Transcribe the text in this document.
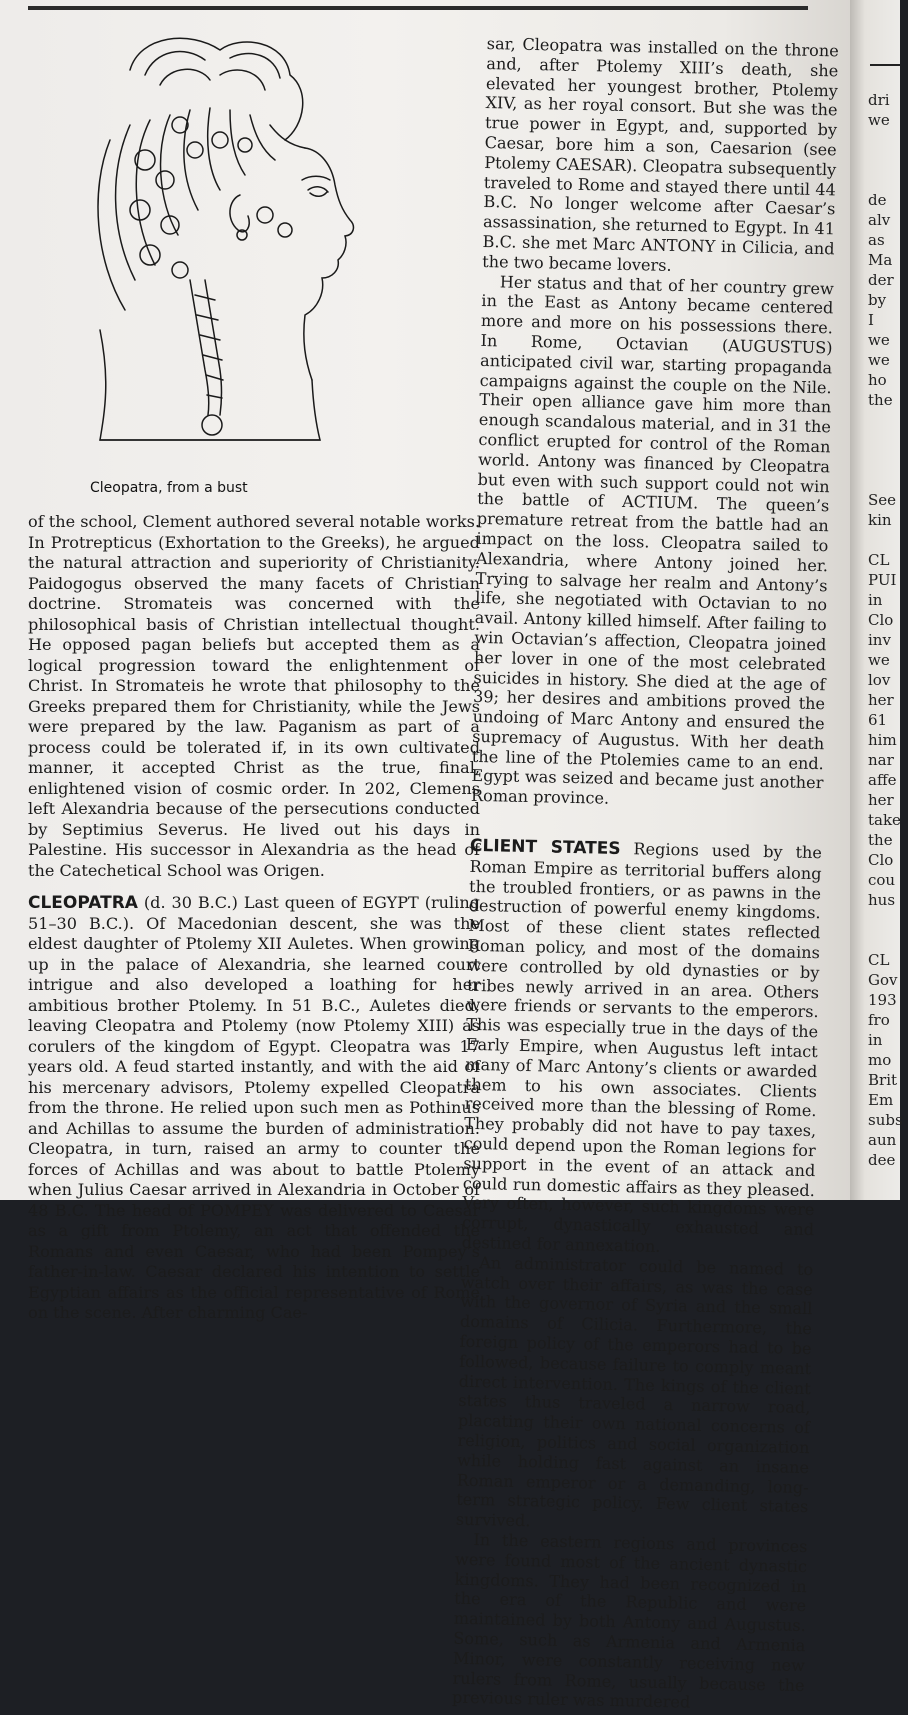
Cleopatra, from a bust

of the school, Clement authored several notable works. In Protrepticus (Exhortation to the Greeks), he argued the natural attraction and superiority of Christianity. Paidogogus observed the many facets of Christian doctrine. Stromateis was concerned with the philosophical basis of Christian intellectual thought. He opposed pagan beliefs but accepted them as a logical progression toward the enlightenment of Christ. In Stromateis he wrote that philosophy to the Greeks prepared them for Christianity, while the Jews were prepared by the law. Paganism as part of a process could be tolerated if, in its own cultivated manner, it accepted Christ as the true, final, enlightened vision of cosmic order. In 202, Clemens left Alexandria because of the persecutions conducted by Septimius Severus. He lived out his days in Palestine. His successor in Alexandria as the head of the Catechetical School was Origen.

CLEOPATRA (d. 30 B.C.) Last queen of EGYPT (ruling 51–30 B.C.). Of Macedonian descent, she was the eldest daughter of Ptolemy XII Auletes. When growing up in the palace of Alexandria, she learned court intrigue and also developed a loathing for her ambitious brother Ptolemy. In 51 B.C., Auletes died, leaving Cleopatra and Ptolemy (now Ptolemy XIII) as corulers of the kingdom of Egypt. Cleopatra was 17 years old. A feud started instantly, and with the aid of his mercenary advisors, Ptolemy expelled Cleopatra from the throne. He relied upon such men as Pothinus and Achillas to assume the burden of administration. Cleopatra, in turn, raised an army to counter the forces of Achillas and was about to battle Ptolemy when Julius Caesar arrived in Alexandria in October of 48 B.C. The head of POMPEY was delivered to Caesar as a gift from Ptolemy, an act that offended the Romans and even Caesar, who had been Pompey’s father-in-law. Caesar declared his intention to settle Egyptian affairs as the official representative of Rome on the scene. After charming Cae-

sar, Cleopatra was installed on the throne and, after Ptolemy XIII’s death, she elevated her youngest brother, Ptolemy XIV, as her royal consort. But she was the true power in Egypt, and, supported by Caesar, bore him a son, Caesarion (see Ptolemy CAESAR). Cleopatra subsequently traveled to Rome and stayed there until 44 B.C. No longer welcome after Caesar’s assassination, she returned to Egypt. In 41 B.C. she met Marc ANTONY in Cilicia, and the two became lovers.

Her status and that of her country grew in the East as Antony became centered more and more on his possessions there. In Rome, Octavian (AUGUSTUS) anticipated civil war, starting propaganda campaigns against the couple on the Nile. Their open alliance gave him more than enough scandalous material, and in 31 the conflict erupted for control of the Roman world. Antony was financed by Cleopatra but even with such support could not win the battle of ACTIUM. The queen’s premature retreat from the battle had an impact on the loss. Cleopatra sailed to Alexandria, where Antony joined her. Trying to salvage her realm and Antony’s life, she negotiated with Octavian to no avail. Antony killed himself. After failing to win Octavian’s affection, Cleopatra joined her lover in one of the most celebrated suicides in history. She died at the age of 39; her desires and ambitions proved the undoing of Marc Antony and ensured the supremacy of Augustus. With her death the line of the Ptolemies came to an end. Egypt was seized and became just another Roman province.

CLIENT STATES Regions used by the Roman Empire as territorial buffers along the troubled frontiers, or as pawns in the destruction of powerful enemy kingdoms. Most of these client states reflected Roman policy, and most of the domains were controlled by old dynasties or by tribes newly arrived in an area. Others were friends or servants to the emperors. This was especially true in the days of the Early Empire, when Augustus left intact many of Marc Antony’s clients or awarded them to his own associates. Clients received more than the blessing of Rome. They probably did not have to pay taxes, could depend upon the Roman legions for support in the event of an attack and could run domestic affairs as they pleased. Very often, however, such kingdoms were corrupt, dynastically exhausted and destined for annexation.

An administrator could be named to watch over their affairs, as was the case with the governor of Syria and the small domains of Cilicia. Furthermore, the foreign policy of the emperors had to be followed, because failure to comply meant direct intervention. The kings of the client states thus traveled a narrow road, placating their own national concerns of religion, politics and social organization while holding fast against an insane Roman emperor or a demanding, long-term strategic policy. Few client states survived.

In the eastern regions and provinces were found most of the ancient dynastic kingdoms. They had been recognized in the era of the Republic and were maintained by both Antony and Augustus. Some, such as Armenia and Armenia Minor, were constantly receiving new rulers from Rome, usually because the previous ruler was murdered

dri
we

de
alv
as
Ma
der
by
I
we
we
ho
the

See
kin

CL
PUI
in
Clo
inv
we
lov
her
61
him
nar
affe
her
take
the
Clo
cou
hus

CL
Gov
193
fro
in
mo
Brit
Em
subs
aun
dee
